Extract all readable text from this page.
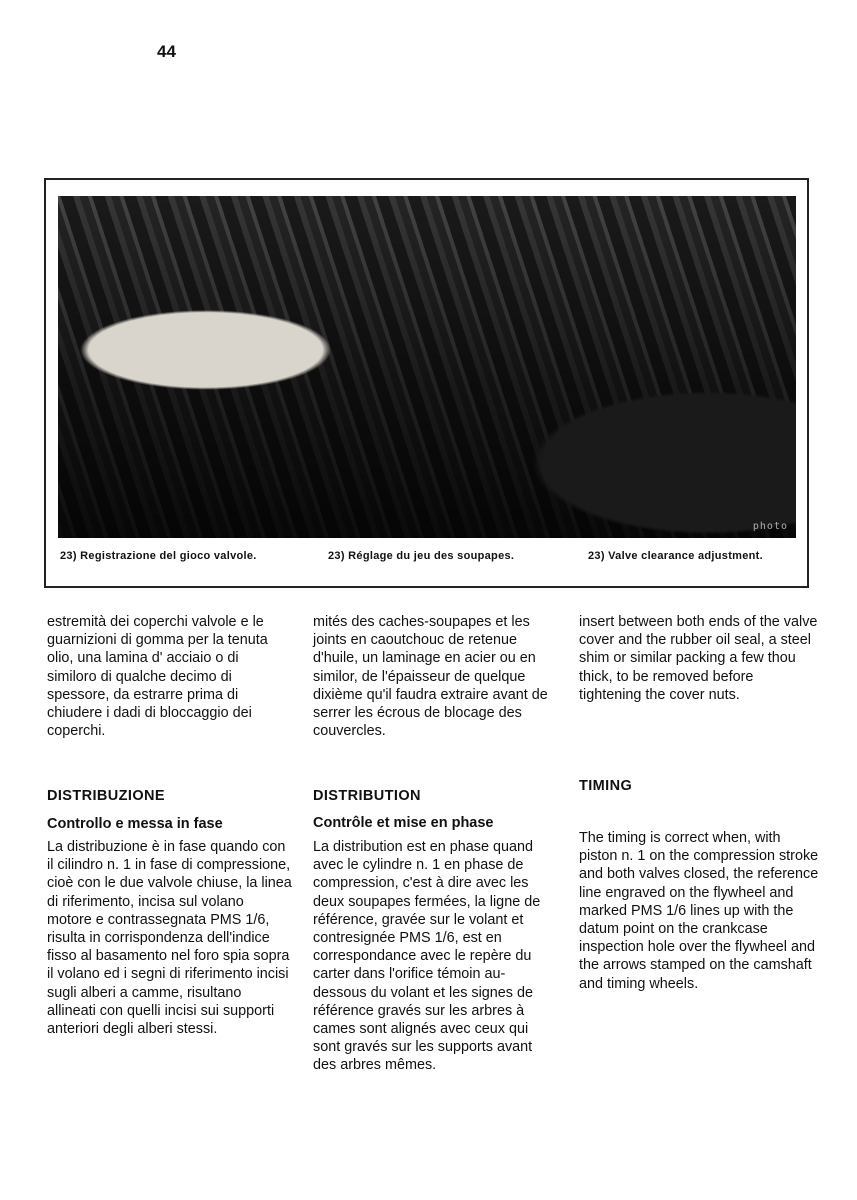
44
photo
23) Registrazione del gioco valvole.	23) Réglage du jeu des soupapes.	23) Valve clearance adjustment.

estremità dei coperchi valvole e le guarnizioni di gomma per la tenuta olio, una lamina d' acciaio o di similoro di qualche decimo di spessore, da estrarre prima di chiudere i dadi di bloccaggio dei coperchi.

DISTRIBUZIONE
Controllo e messa in fase

La distribuzione è in fase quando con il cilindro n. 1 in fase di compressione, cioè con le due valvole chiuse, la linea di riferimento, incisa sul volano motore e contrassegnata PMS 1/6, risulta in corrispondenza dell'indice fisso al basamento nel foro spia sopra il volano ed i segni di riferimento incisi sugli alberi a camme, risultano allineati con quelli incisi sui supporti anteriori degli alberi stessi.

mités des caches-soupapes et les joints en caoutchouc de retenue d'huile, un laminage en acier ou en similor, de l'épaisseur de quelque dixième qu'il faudra extraire avant de serrer les écrous de blocage des couvercles.

DISTRIBUTION
Contrôle et mise en phase

La distribution est en phase quand avec le cylindre n. 1 en phase de compression, c'est à dire avec les deux soupapes fermées, la ligne de référence, gravée sur le volant et contresignée PMS 1/6, est en correspondance avec le repère du carter dans l'orifice témoin au-dessous du volant et les signes de référence gravés sur les arbres à cames sont alignés avec ceux qui sont gravés sur les supports avant des arbres mêmes.

insert between both ends of the valve cover and the rubber oil seal, a steel shim or similar packing a few thou thick, to be removed before tightening the cover nuts.

TIMING

The timing is correct when, with piston n. 1 on the compression stroke and both valves closed, the reference line engraved on the flywheel and marked PMS 1/6 lines up with the datum point on the crankcase inspection hole over the flywheel and the arrows stamped on the camshaft and timing wheels.
